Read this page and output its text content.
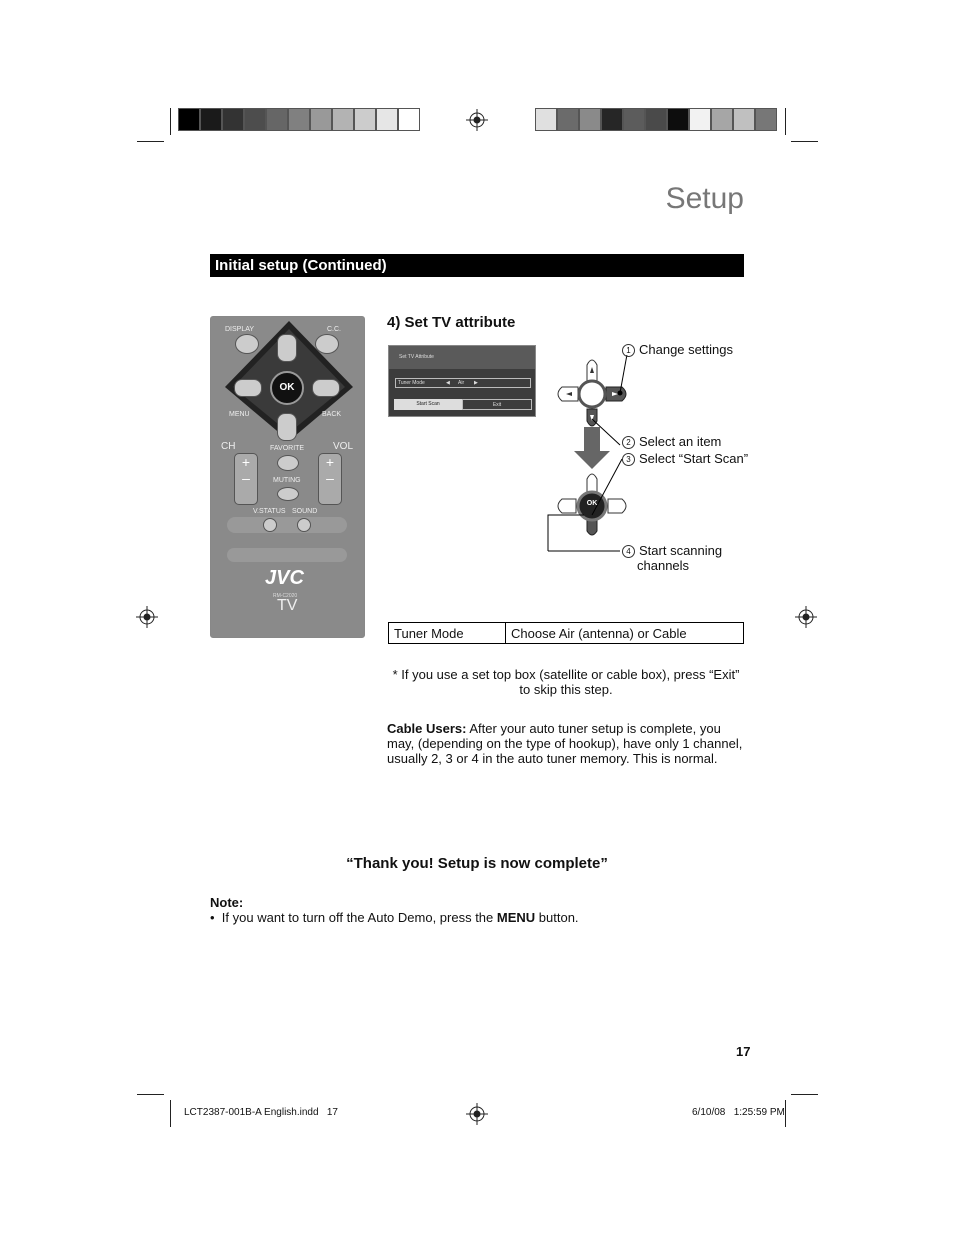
Setup
Initial setup (Continued)
DISPLAY	C.C.
OK
MENU	BACK
CH	VOL
FAVORITE
+
–
+
–
MUTING
V.STATUS SOUND
JVC
RM-C2020
TV
4) Set TV attribute
Set TV Attribute
Tuner Mode	◀ Air ▶
Start Scan	Exit
OK
1 Change settings
2 Select an item
3 Select “Start Scan”
4 Start scanning channels
Tuner Mode	Choose Air (antenna) or Cable
* If you use a set top box (satellite or cable box), press “Exit” to skip this step.
Cable Users: After your auto tuner setup is complete, you may, (depending on the type of hookup), have only 1 channel, usually 2, 3 or 4 in the auto tuner memory. This is normal.
“Thank you! Setup is now complete”
Note:
• If you want to turn off the Auto Demo, press the MENU button.
17
LCT2387-001B-A English.indd   17	6/10/08   1:25:59 PM
